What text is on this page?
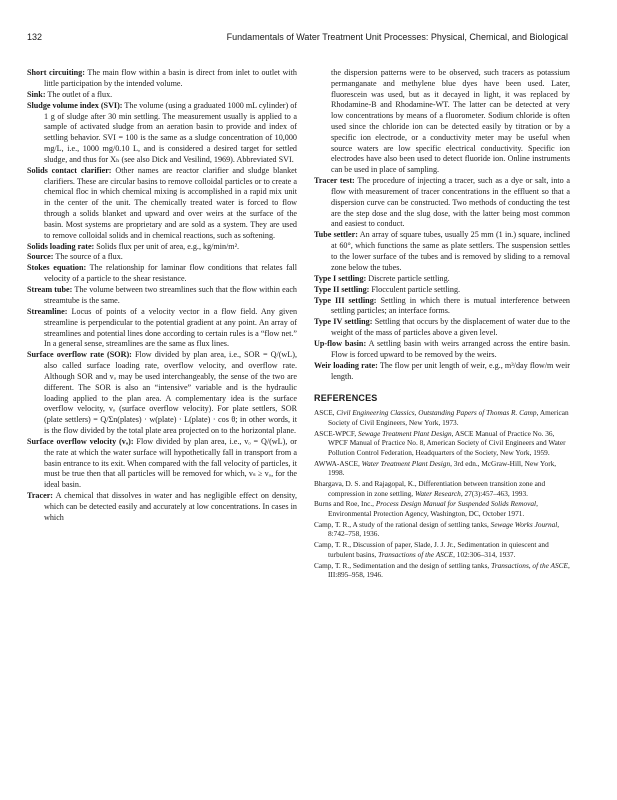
132	Fundamentals of Water Treatment Unit Processes: Physical, Chemical, and Biological

Short circuiting: The main flow within a basin is direct from inlet to outlet with little participation by the intended volume.

Sink: The outlet of a flux.

Sludge volume index (SVI): The volume (using a graduated 1000 mL cylinder) of 1 g of sludge after 30 min settling. The measurement usually is applied to a sample of activated sludge from an aeration basin to provide and index of settling behavior. SVI = 100 is the same as a sludge concentration of 10,000 mg/L, i.e., 1000 mg/0.10 L, and is considered a desired target for settled sludge, and thus for Xₕ (see also Dick and Vesilind, 1969). Abbreviated SVI.

Solids contact clarifier: Other names are reactor clarifier and sludge blanket clarifiers. These are circular basins to remove colloidal particles or to create a chemical floc in which chemical mixing is accomplished in a rapid mix unit in the center of the unit. The chemically treated water is forced to flow through a solids blanket and upward and over weirs at the surface of the basin. Most systems are proprietary and are sold as a system. They are used to remove colloidal solids and in chemical reactions, such as softening.

Solids loading rate: Solids flux per unit of area, e.g., kg/min/m².

Source: The source of a flux.

Stokes equation: The relationship for laminar flow conditions that relates fall velocity of a particle to the shear resistance.

Stream tube: The volume between two streamlines such that the flow within each streamtube is the same.

Streamline: Locus of points of a velocity vector in a flow field. Any given streamline is perpendicular to the potential gradient at any point. An array of streamlines and potential lines done according to certain rules is a “flow net.” In a general sense, streamlines are the same as flux lines.

Surface overflow rate (SOR): Flow divided by plan area, i.e., SOR = Q/(wL), also called surface loading rate, overflow velocity, and overflow rate. Although SOR and vₒ may be used interchangeably, the sense of the two are different. The SOR is also an “intensive” variable and is the hydraulic loading applied to the plan area. A complementary idea is the surface overflow velocity, vₒ (surface overflow velocity). For plate settlers, SOR (plate settlers) = Q/Σn(plates) · w(plate) · L(plate) · cos θ; in other words, it is the flow divided by the total plate area projected on to the horizontal plane.

Surface overflow velocity (vₒ): Flow divided by plan area, i.e., vₒ = Q/(wL), or the rate at which the water surface will hypothetically fall in transport from a basin entrance to its exit. When compared with the fall velocity of particles, it must be true then that all particles will be removed for which, vₛ ≥ vₒ, for the ideal basin.

Tracer: A chemical that dissolves in water and has negligible effect on density, which can be detected easily and accurately at low concentrations. In cases in which

the dispersion patterns were to be observed, such tracers as potassium permanganate and methylene blue dyes have been used. Later, fluorescein was used, but as it decayed in light, it was replaced by Rhodamine-B and Rhodamine-WT. The latter can be detected at very low concentrations by means of a fluorometer. Sodium chloride is often used since the chloride ion can be detected easily by titration or by a specific ion electrode, or a conductivity meter may be useful when source waters are low specific electrical conductivity. Specific ion electrodes have also been used to detect fluoride ion. Online instruments can be used in place of sampling.

Tracer test: The procedure of injecting a tracer, such as a dye or salt, into a flow with measurement of tracer concentrations in the effluent so that a dispersion curve can be constructed. Two methods of conducting the test are the step dose and the slug dose, with the latter being most common and easiest to conduct.

Tube settler: An array of square tubes, usually 25 mm (1 in.) square, inclined at 60°, which functions the same as plate settlers. The suspension settles to the lower surface of the tubes and is removed by sliding to a removal zone below the tubes.

Type I settling: Discrete particle settling.

Type II settling: Flocculent particle settling.

Type III settling: Settling in which there is mutual interference between settling particles; an interface forms.

Type IV settling: Settling that occurs by the displacement of water due to the weight of the mass of particles above a given level.

Up-flow basin: A settling basin with weirs arranged across the entire basin. Flow is forced upward to be removed by the weirs.

Weir loading rate: The flow per unit length of weir, e.g., m³/day flow/m weir length.

REFERENCES

ASCE, Civil Engineering Classics, Outstanding Papers of Thomas R. Camp, American Society of Civil Engineers, New York, 1973.

ASCE-WPCF, Sewage Treatment Plant Design, ASCE Manual of Practice No. 36, WPCF Manual of Practice No. 8, American Society of Civil Engineers and Water Pollution Control Federation, Headquarters of the Society, New York, 1959.

AWWA-ASCE, Water Treatment Plant Design, 3rd edn., McGraw-Hill, New York, 1998.

Bhargava, D. S. and Rajagopal, K., Differentiation between transition zone and compression in zone settling, Water Research, 27(3):457–463, 1993.

Burns and Roe, Inc., Process Design Manual for Suspended Solids Removal, Environmental Protection Agency, Washington, DC, October 1971.

Camp, T. R., A study of the rational design of settling tanks, Sewage Works Journal, 8:742–758, 1936.

Camp, T. R., Discussion of paper, Slade, J. J. Jr., Sedimentation in quiescent and turbulent basins, Transactions of the ASCE, 102:306–314, 1937.

Camp, T. R., Sedimentation and the design of settling tanks, Transactions, of the ASCE, III:895–958, 1946.
